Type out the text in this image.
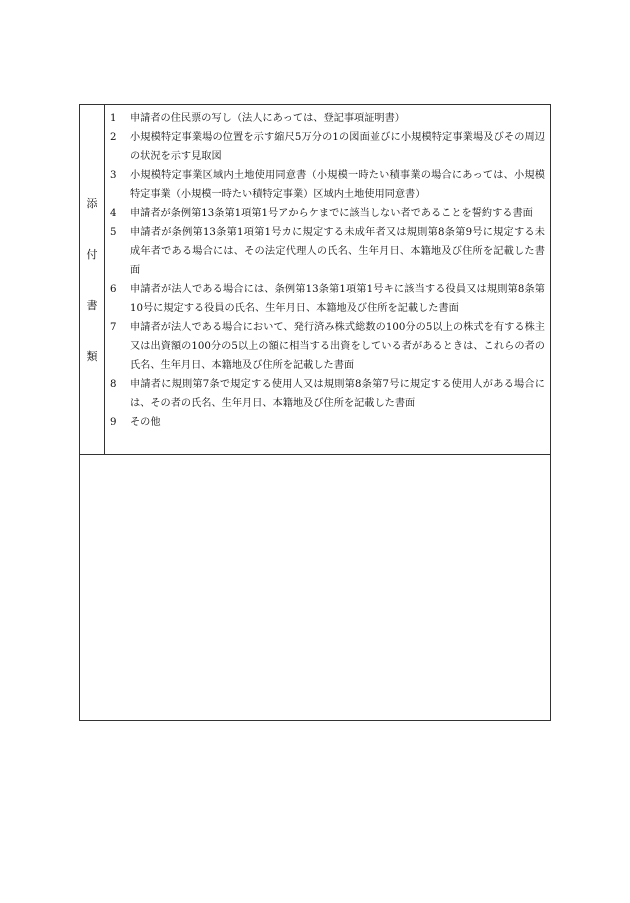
添
付
書
類
1	申請者の住民票の写し（法人にあっては、登記事項証明書）
2	小規模特定事業場の位置を示す縮尺5万分の1の図面並びに小規模特定事業場及びその周辺の状況を示す見取図
3	小規模特定事業区域内土地使用同意書（小規模一時たい積事業の場合にあっては、小規模特定事業（小規模一時たい積特定事業）区域内土地使用同意書）
4	申請者が条例第13条第1項第1号アからケまでに該当しない者であることを誓約する書面
5	申請者が条例第13条第1項第1号カに規定する未成年者又は規則第8条第9号に規定する未成年者である場合には、その法定代理人の氏名、生年月日、本籍地及び住所を記載した書面
6	申請者が法人である場合には、条例第13条第1項第1号キに該当する役員又は規則第8条第10号に規定する役員の氏名、生年月日、本籍地及び住所を記載した書面
7	申請者が法人である場合において、発行済み株式総数の100分の5以上の株式を有する株主又は出資額の100分の5以上の額に相当する出資をしている者があるときは、これらの者の氏名、生年月日、本籍地及び住所を記載した書面
8	申請者に規則第7条で規定する使用人又は規則第8条第7号に規定する使用人がある場合には、その者の氏名、生年月日、本籍地及び住所を記載した書面
9	その他
